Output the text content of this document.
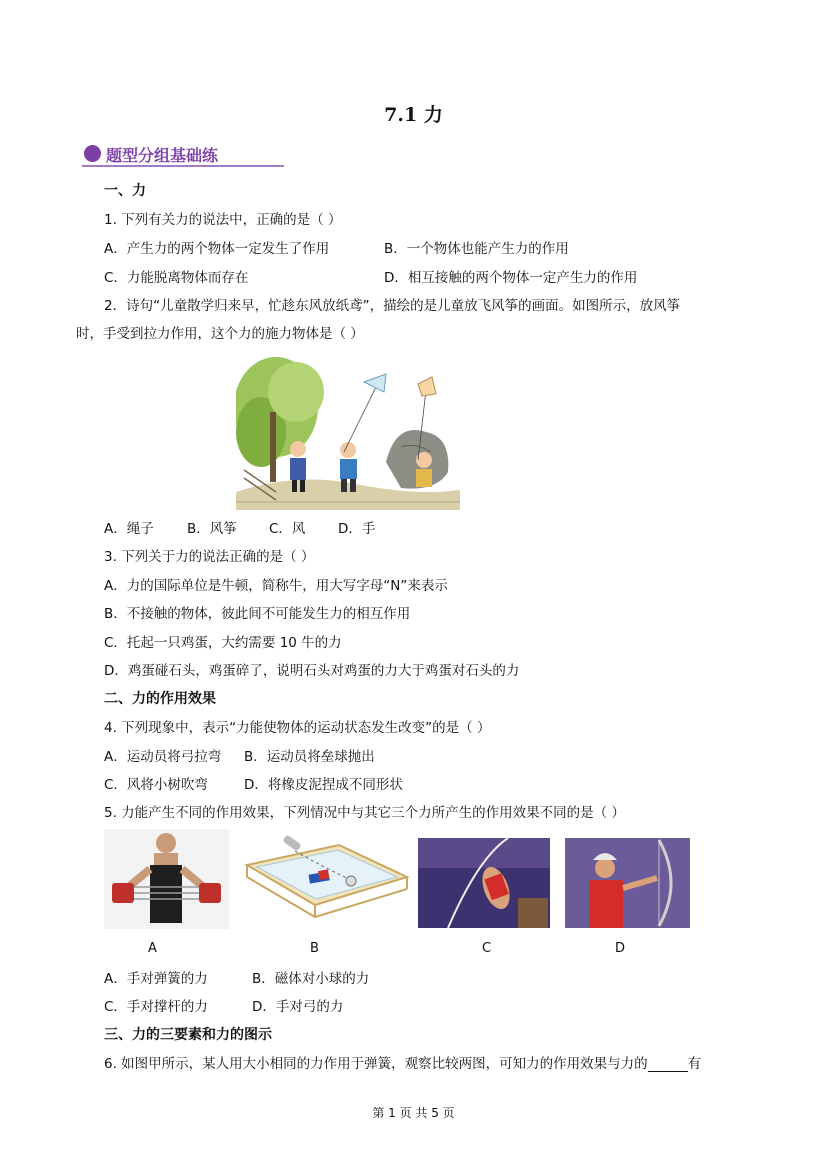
7.1 力
题型分组基础练
一、力
1. 下列有关力的说法中，正确的是（ ）
A．产生力的两个物体一定发生了作用	B．一个物体也能产生力的作用
C．力能脱离物体而存在	D．相互接触的两个物体一定产生力的作用
2．诗句“儿童散学归来早，忙趁东风放纸鸢”，描绘的是儿童放飞风筝的画面。如图所示，放风筝
时，手受到拉力作用，这个力的施力物体是（ ）
A．绳子 B．风筝 C．风 D．手
3. 下列关于力的说法正确的是（ ）
A．力的国际单位是牛顿，简称牛，用大写字母“N”来表示
B．不接触的物体，彼此间不可能发生力的相互作用
C．托起一只鸡蛋，大约需要 10 牛的力
D．鸡蛋碰石头，鸡蛋碎了，说明石头对鸡蛋的力大于鸡蛋对石头的力
二、力的作用效果
4. 下列现象中，表示“力能使物体的运动状态发生改变”的是（ ）
A．运动员将弓拉弯 B．运动员将垒球抛出
C．风将小树吹弯	D．将橡皮泥捏成不同形状
5. 力能产生不同的作用效果，下列情况中与其它三个力所产生的作用效果不同的是（ ）
A	B	C	D
A．手对弹簧的力	B．磁体对小球的力
C．手对撑杆的力	D．手对弓的力
三、力的三要素和力的图示
6. 如图甲所示，某人用大小相同的力作用于弹簧，观察比较两图，可知力的作用效果与力的	有
第 1 页 共 5 页
